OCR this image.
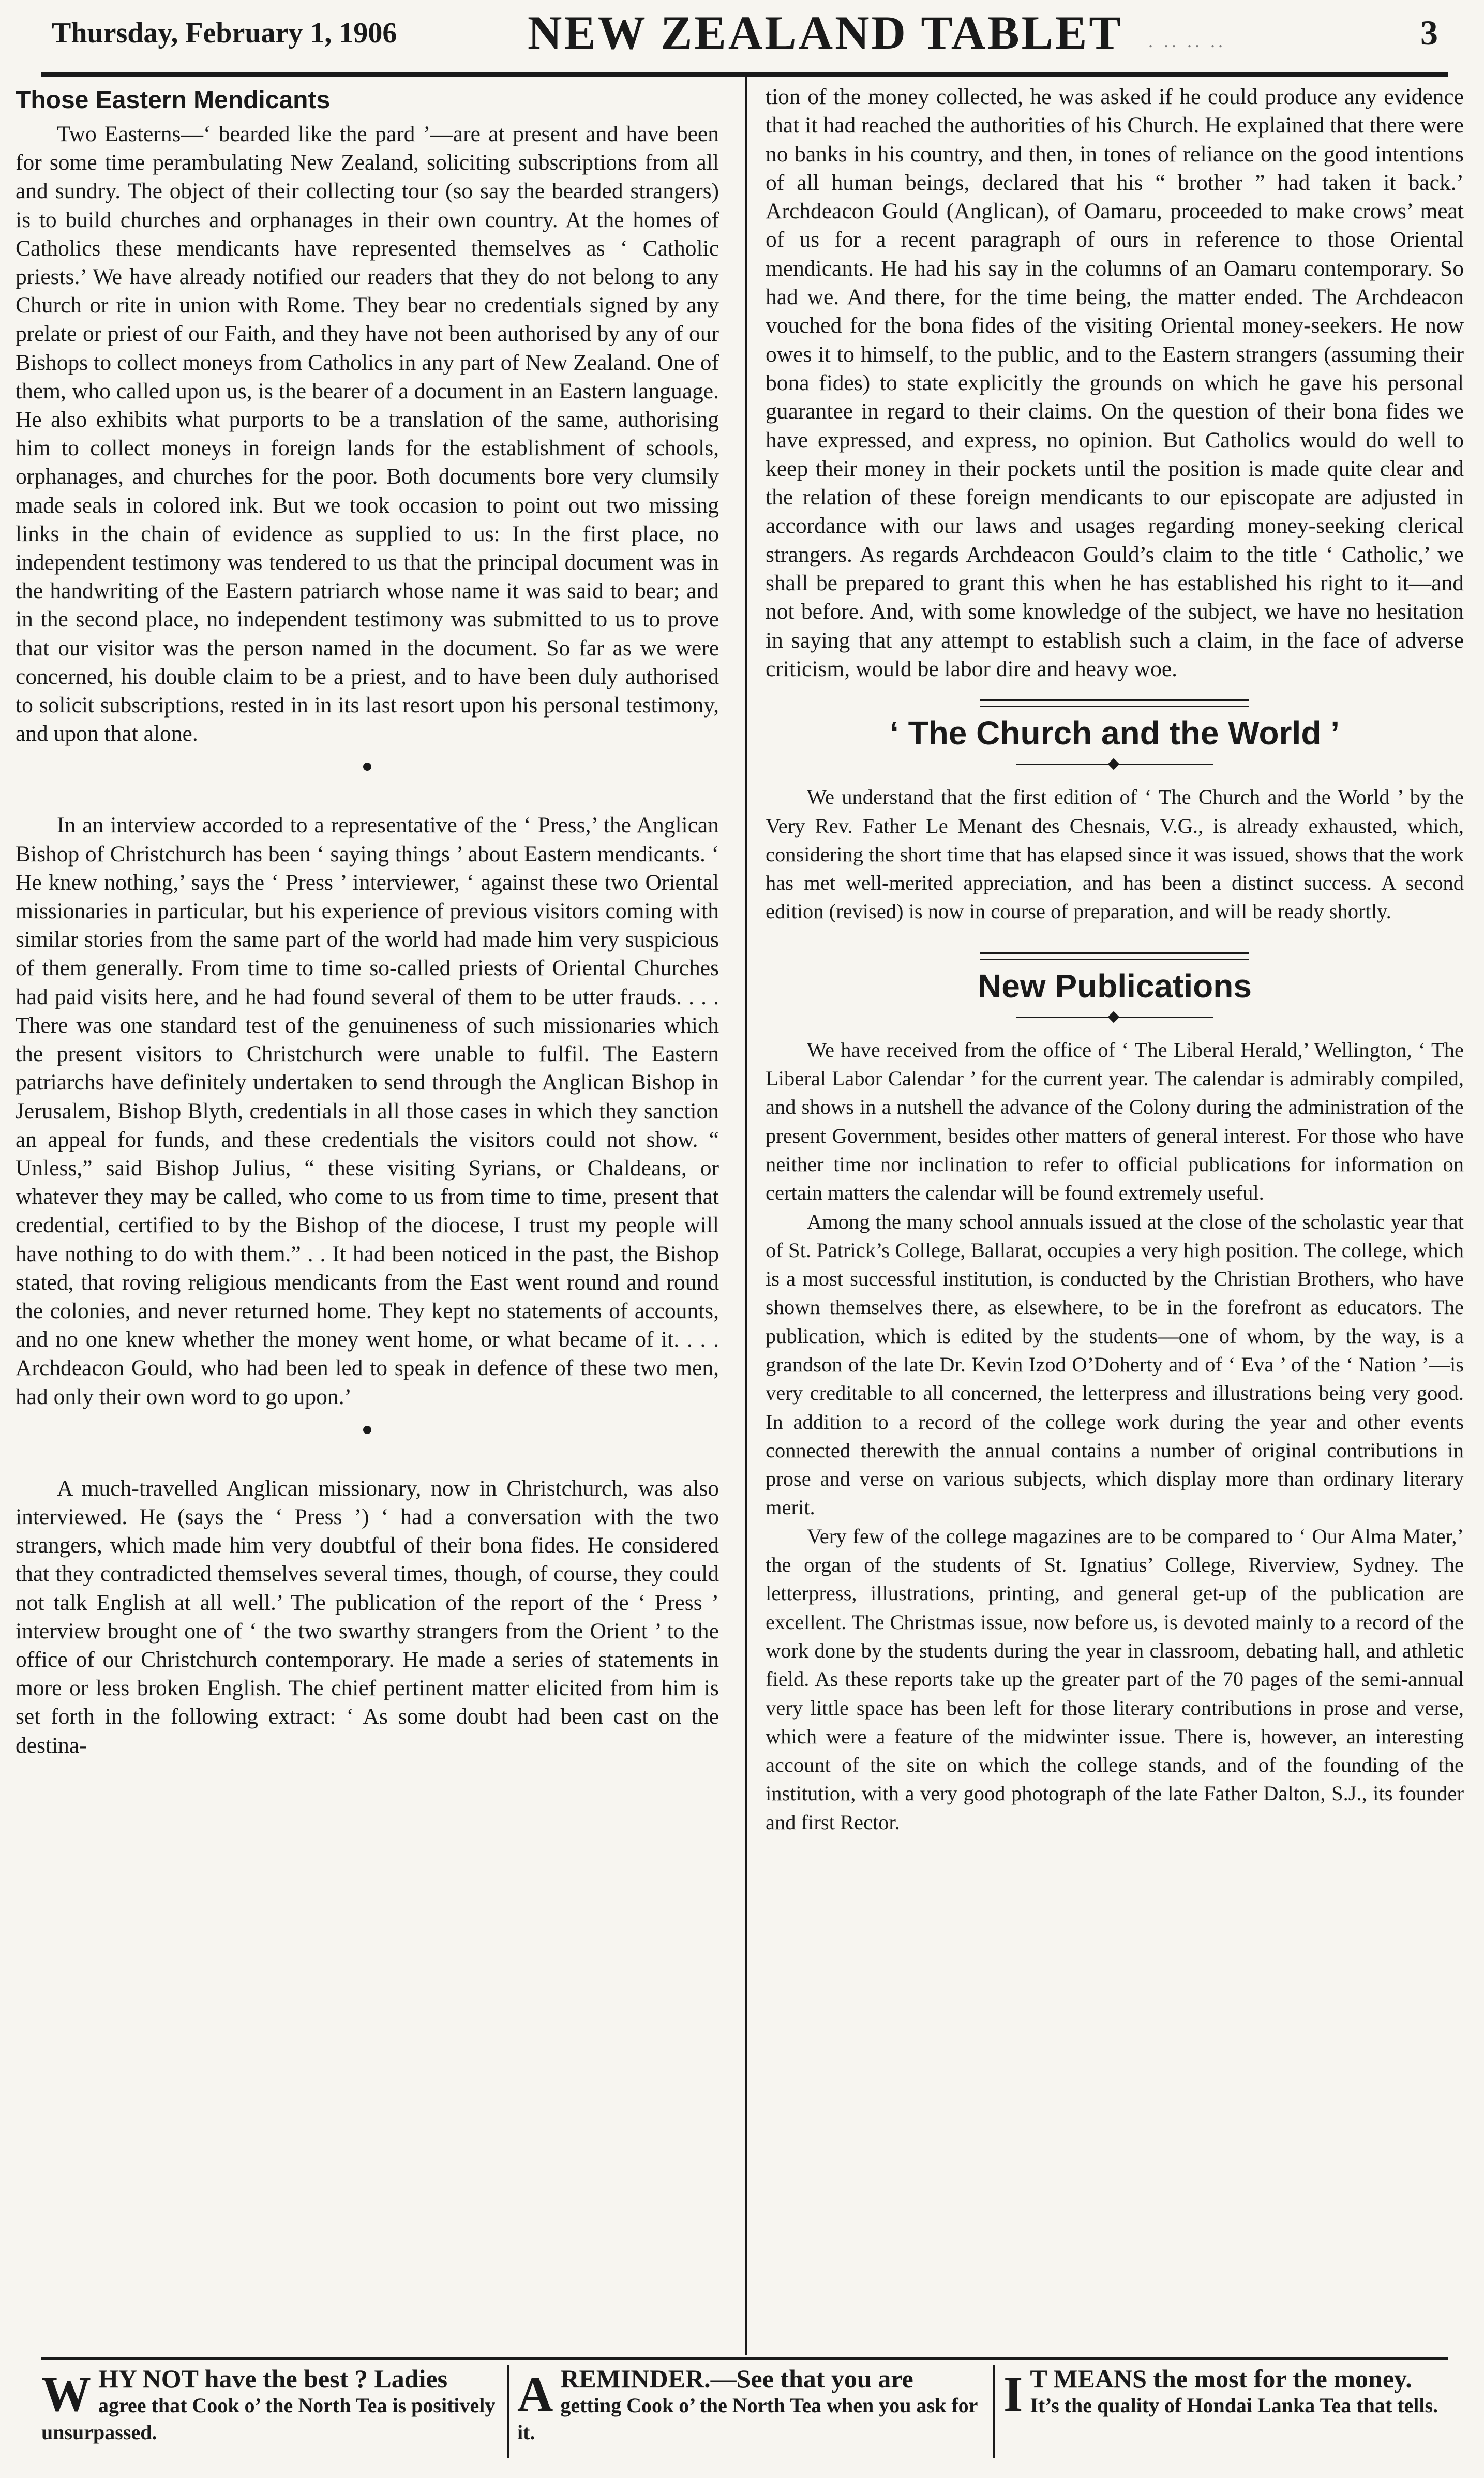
Thursday, February 1, 1906	NEW ZEALAND TABLET . .. .. ..	3
Those Eastern Mendicants

Two Easterns—‘ bearded like the pard ’—are at present and have been for some time perambulating New Zealand, soliciting subscriptions from all and sundry. The object of their collecting tour (so say the bearded strangers) is to build churches and orphanages in their own country. At the homes of Catholics these mendicants have represented themselves as ‘ Catholic priests.’ We have already notified our readers that they do not belong to any Church or rite in union with Rome. They bear no credentials signed by any prelate or priest of our Faith, and they have not been authorised by any of our Bishops to collect moneys from Catholics in any part of New Zealand. One of them, who called upon us, is the bearer of a document in an Eastern language. He also exhibits what purports to be a translation of the same, authorising him to collect moneys in foreign lands for the establishment of schools, orphanages, and churches for the poor. Both documents bore very clumsily made seals in colored ink. But we took occasion to point out two missing links in the chain of evidence as supplied to us: In the first place, no independent testimony was tendered to us that the principal document was in the handwriting of the Eastern patriarch whose name it was said to bear; and in the second place, no independent testimony was submitted to us to prove that our visitor was the person named in the document. So far as we were concerned, his double claim to be a priest, and to have been duly authorised to solicit subscriptions, rested in in its last resort upon his personal testimony, and upon that alone.

In an interview accorded to a representative of the ‘ Press,’ the Anglican Bishop of Christchurch has been ‘ saying things ’ about Eastern mendicants. ‘ He knew nothing,’ says the ‘ Press ’ interviewer, ‘ against these two Oriental missionaries in particular, but his experience of previous visitors coming with similar stories from the same part of the world had made him very suspicious of them generally. From time to time so-called priests of Oriental Churches had paid visits here, and he had found several of them to be utter frauds. . . . There was one standard test of the genuineness of such missionaries which the present visitors to Christchurch were unable to fulfil. The Eastern patriarchs have definitely undertaken to send through the Anglican Bishop in Jerusalem, Bishop Blyth, credentials in all those cases in which they sanction an appeal for funds, and these credentials the visitors could not show. “ Unless,” said Bishop Julius, “ these visiting Syrians, or Chaldeans, or whatever they may be called, who come to us from time to time, present that credential, certified to by the Bishop of the diocese, I trust my people will have nothing to do with them.” . . It had been noticed in the past, the Bishop stated, that roving religious mendicants from the East went round and round the colonies, and never returned home. They kept no statements of accounts, and no one knew whether the money went home, or what became of it. . . . Archdeacon Gould, who had been led to speak in defence of these two men, had only their own word to go upon.’

A much-travelled Anglican missionary, now in Christchurch, was also interviewed. He (says the ‘ Press ’) ‘ had a conversation with the two strangers, which made him very doubtful of their bona fides. He considered that they contradicted themselves several times, though, of course, they could not talk English at all well.’ The publication of the report of the ‘ Press ’ interview brought one of ‘ the two swarthy strangers from the Orient ’ to the office of our Christchurch contemporary. He made a series of statements in more or less broken English. The chief pertinent matter elicited from him is set forth in the following extract: ‘ As some doubt had been cast on the destina-

tion of the money collected, he was asked if he could produce any evidence that it had reached the authorities of his Church. He explained that there were no banks in his country, and then, in tones of reliance on the good intentions of all human beings, declared that his “ brother ” had taken it back.’ Archdeacon Gould (Anglican), of Oamaru, proceeded to make crows’ meat of us for a recent paragraph of ours in reference to those Oriental mendicants. He had his say in the columns of an Oamaru contemporary. So had we. And there, for the time being, the matter ended. The Archdeacon vouched for the bona fides of the visiting Oriental money-seekers. He now owes it to himself, to the public, and to the Eastern strangers (assuming their bona fides) to state explicitly the grounds on which he gave his personal guarantee in regard to their claims. On the question of their bona fides we have expressed, and express, no opinion. But Catholics would do well to keep their money in their pockets until the position is made quite clear and the relation of these foreign mendicants to our episcopate are adjusted in accordance with our laws and usages regarding money-seeking clerical strangers. As regards Archdeacon Gould’s claim to the title ‘ Catholic,’ we shall be prepared to grant this when he has established his right to it—and not before. And, with some knowledge of the subject, we have no hesitation in saying that any attempt to establish such a claim, in the face of adverse criticism, would be labor dire and heavy woe.

‘ The Church and the World ’

We understand that the first edition of ‘ The Church and the World ’ by the Very Rev. Father Le Menant des Chesnais, V.G., is already exhausted, which, considering the short time that has elapsed since it was issued, shows that the work has met well-merited appreciation, and has been a distinct success. A second edition (revised) is now in course of preparation, and will be ready shortly.

New Publications

We have received from the office of ‘ The Liberal Herald,’ Wellington, ‘ The Liberal Labor Calendar ’ for the current year. The calendar is admirably compiled, and shows in a nutshell the advance of the Colony during the administration of the present Government, besides other matters of general interest. For those who have neither time nor inclination to refer to official publications for information on certain matters the calendar will be found extremely useful.

Among the many school annuals issued at the close of the scholastic year that of St. Patrick’s College, Ballarat, occupies a very high position. The college, which is a most successful institution, is conducted by the Christian Brothers, who have shown themselves there, as elsewhere, to be in the forefront as educators. The publication, which is edited by the students—one of whom, by the way, is a grandson of the late Dr. Kevin Izod O’Doherty and of ‘ Eva ’ of the ‘ Nation ’—is very creditable to all concerned, the letterpress and illustrations being very good. In addition to a record of the college work during the year and other events connected therewith the annual contains a number of original contributions in prose and verse on various subjects, which display more than ordinary literary merit.

Very few of the college magazines are to be compared to ‘ Our Alma Mater,’ the organ of the students of St. Ignatius’ College, Riverview, Sydney. The letterpress, illustrations, printing, and general get-up of the publication are excellent. The Christmas issue, now before us, is devoted mainly to a record of the work done by the students during the year in classroom, debating hall, and athletic field. As these reports take up the greater part of the 70 pages of the semi-annual very little space has been left for those literary contributions in prose and verse, which were a feature of the midwinter issue. There is, however, an interesting account of the site on which the college stands, and of the founding of the institution, with a very good photograph of the late Father Dalton, S.J., its founder and first Rector.

W HY NOT have the best ? Ladies
agree that Cook o’ the North Tea is positively unsurpassed.
A REMINDER.—See that you are
getting Cook o’ the North Tea when you ask for it.
I T MEANS the most for the money.
It’s the quality of Hondai Lanka Tea that tells.
